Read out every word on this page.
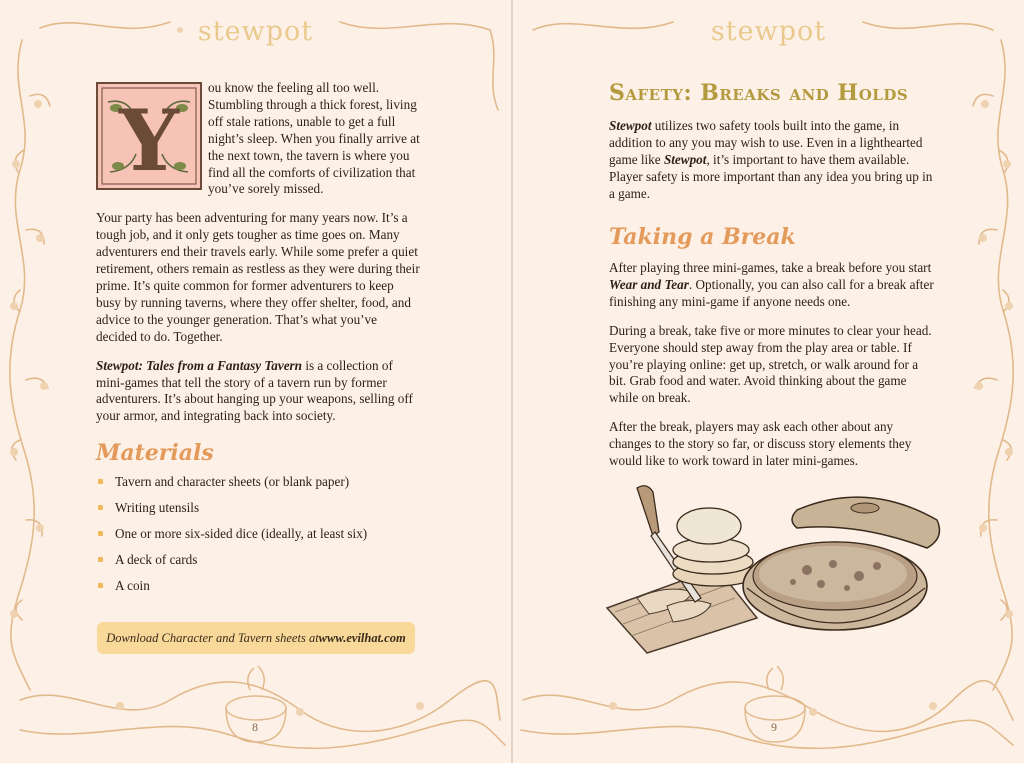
stewpot
Y

ou know the feeling all too well. Stumbling through a thick forest, living off stale rations, unable to get a full night’s sleep. When you finally arrive at the next town, the tavern is where you find all the comforts of civilization that you’ve sorely missed.

Your party has been adventuring for many years now. It’s a tough job, and it only gets tougher as time goes on. Many adventurers end their travels early. While some prefer a quiet retirement, others remain as restless as they were during their prime. It’s quite common for former adventurers to keep busy by running taverns, where they offer shelter, food, and advice to the younger generation. That’s what you’ve decided to do. Together.

Stewpot: Tales from a Fantasy Tavern is a collection of mini-games that tell the story of a tavern run by former adventurers. It’s about hanging up your weapons, selling off your armor, and integrating back into society.

Materials
Tavern and character sheets (or blank paper)
Writing utensils
One or more six-sided dice (ideally, at least six)
A deck of cards
A coin
Download Character and Tavern sheets at www.evilhat.com
8
stewpot
Safety: Breaks and Holds

Stewpot utilizes two safety tools built into the game, in addition to any you may wish to use. Even in a lighthearted game like Stewpot, it’s important to have them available. Player safety is more important than any idea you bring up in a game.

Taking a Break

After playing three mini-games, take a break before you start Wear and Tear. Optionally, you can also call for a break after finishing any mini-game if anyone needs one.

During a break, take five or more minutes to clear your head. Everyone should step away from the play area or table. If you’re playing online: get up, stretch, or walk around for a bit. Grab food and water. Avoid thinking about the game while on break.

After the break, players may ask each other about any changes to the story so far, or discuss story elements they would like to work toward in later mini-games.

9
